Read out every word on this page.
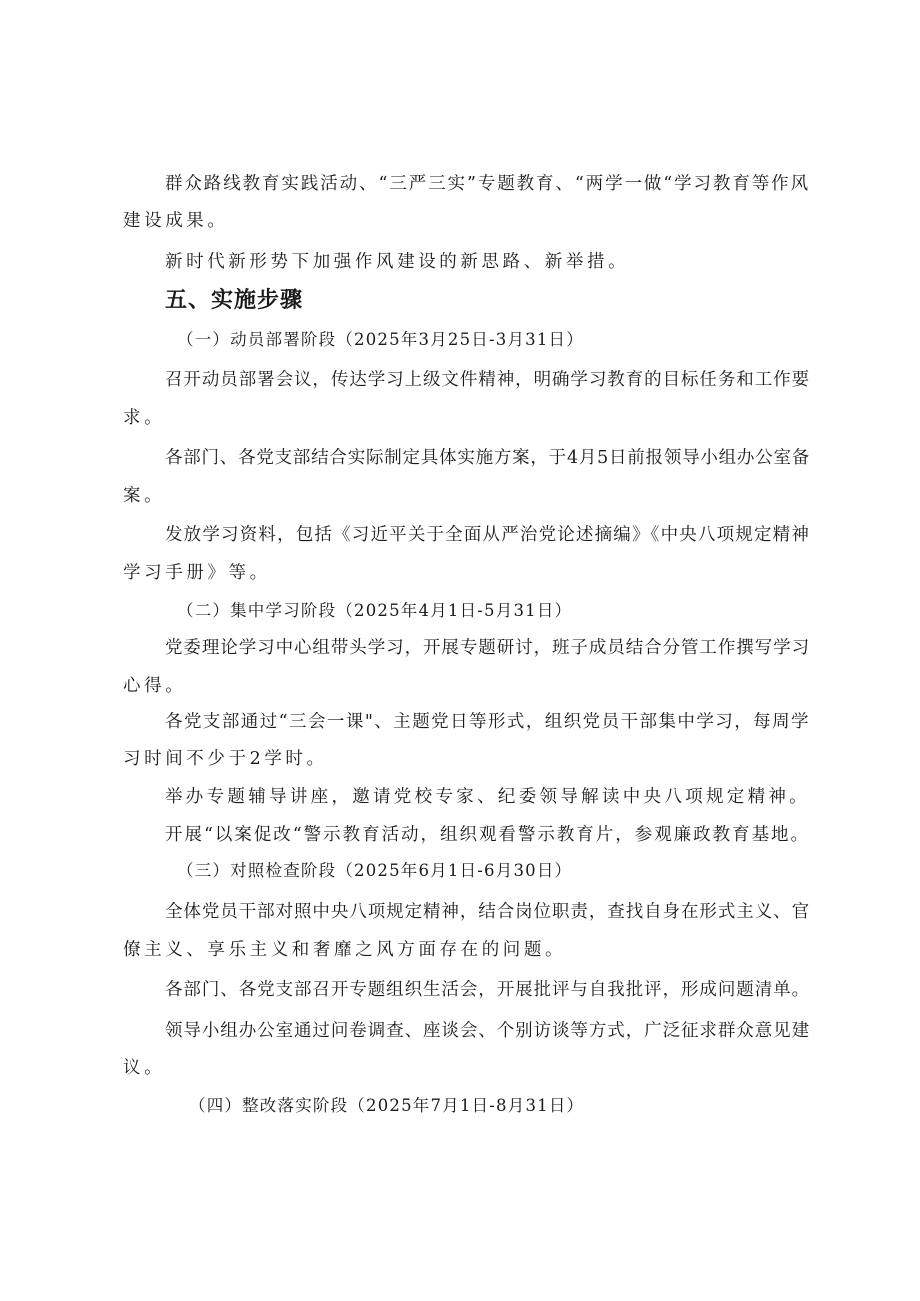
群众路线教育实践活动、“三严三实”专题教育、“两学一做“学习教育等作风
建设成果。
新时代新形势下加强作风建设的新思路、新举措。
五、实施步骤
（一）动员部署阶段（2025年3月25日-3月31日）
召开动员部署会议，传达学习上级文件精神，明确学习教育的目标任务和工作要
求。
各部门、各党支部结合实际制定具体实施方案，于4月5日前报领导小组办公室备
案。
发放学习资料，包括《习近平关于全面从严治党论述摘编》《中央八项规定精神
学习手册》等。
（二）集中学习阶段（2025年4月1日-5月31日）
党委理论学习中心组带头学习，开展专题研讨，班子成员结合分管工作撰写学习
心得。
各党支部通过“三会一课"、主题党日等形式，组织党员干部集中学习，每周学
习时间不少于2学时。
举办专题辅导讲座，邀请党校专家、纪委领导解读中央八项规定精神。
开展“以案促改“警示教育活动，组织观看警示教育片，参观廉政教育基地。
（三）对照检查阶段（2025年6月1日-6月30日）
全体党员干部对照中央八项规定精神，结合岗位职责，查找自身在形式主义、官
僚主义、享乐主义和奢靡之风方面存在的问题。
各部门、各党支部召开专题组织生活会，开展批评与自我批评，形成问题清单。
领导小组办公室通过问卷调查、座谈会、个别访谈等方式，广泛征求群众意见建
议。
（四）整改落实阶段（2025年7月1日-8月31日）
